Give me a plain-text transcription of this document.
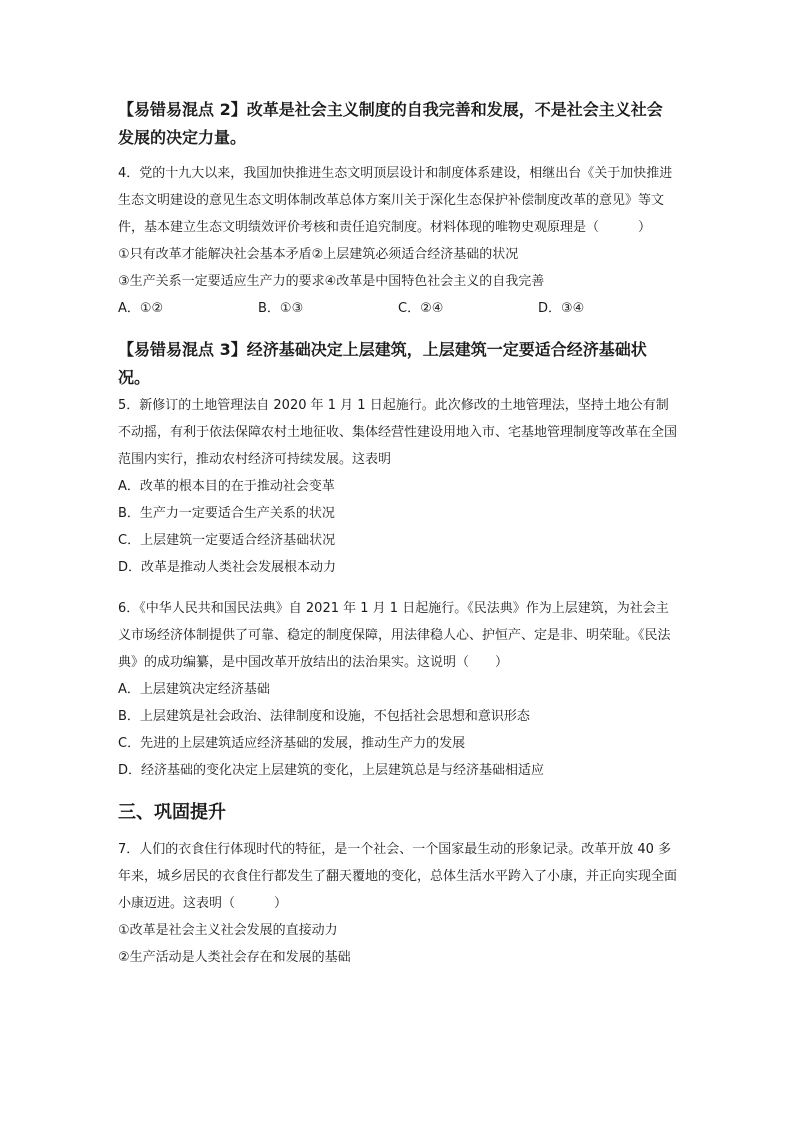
【易错易混点 2】改革是社会主义制度的自我完善和发展，不是社会主义社会发展的决定力量。

4．党的十九大以来，我国加快推进生态文明顶层设计和制度体系建设，相继出台《关于加快推进生态文明建设的意见生态文明体制改革总体方案川关于深化生态保护补偿制度改革的意见》等文件，基本建立生态文明绩效评价考核和责任追究制度。材料体现的唯物史观原理是（　　　）

①只有改革才能解决社会基本矛盾②上层建筑必须适合经济基础的状况

③生产关系一定要适应生产力的要求④改革是中国特色社会主义的自我完善

A．①②	B．①③	C．②④	D．③④

【易错易混点 3】经济基础决定上层建筑，上层建筑一定要适合经济基础状况。

5．新修订的土地管理法自 2020 年 1 月 1 日起施行。此次修改的土地管理法，坚持土地公有制不动摇，有利于依法保障农村土地征收、集体经营性建设用地入市、宅基地管理制度等改革在全国范围内实行，推动农村经济可持续发展。这表明

A．改革的根本目的在于推动社会变革

B．生产力一定要适合生产关系的状况

C．上层建筑一定要适合经济基础状况

D．改革是推动人类社会发展根本动力

6．《中华人民共和国民法典》自 2021 年 1 月 1 日起施行。《民法典》作为上层建筑，为社会主义市场经济体制提供了可靠、稳定的制度保障，用法律稳人心、护恒产、定是非、明荣耻。《民法典》的成功编纂，是中国改革开放结出的法治果实。这说明（　　）

A．上层建筑决定经济基础

B．上层建筑是社会政治、法律制度和设施，不包括社会思想和意识形态

C．先进的上层建筑适应经济基础的发展，推动生产力的发展

D．经济基础的变化决定上层建筑的变化，上层建筑总是与经济基础相适应

三、巩固提升

7．人们的衣食住行体现时代的特征，是一个社会、一个国家最生动的形象记录。改革开放 40 多年来，城乡居民的衣食住行都发生了翻天覆地的变化，总体生活水平跨入了小康，并正向实现全面小康迈进。这表明（　　　）

①改革是社会主义社会发展的直接动力

②生产活动是人类社会存在和发展的基础
